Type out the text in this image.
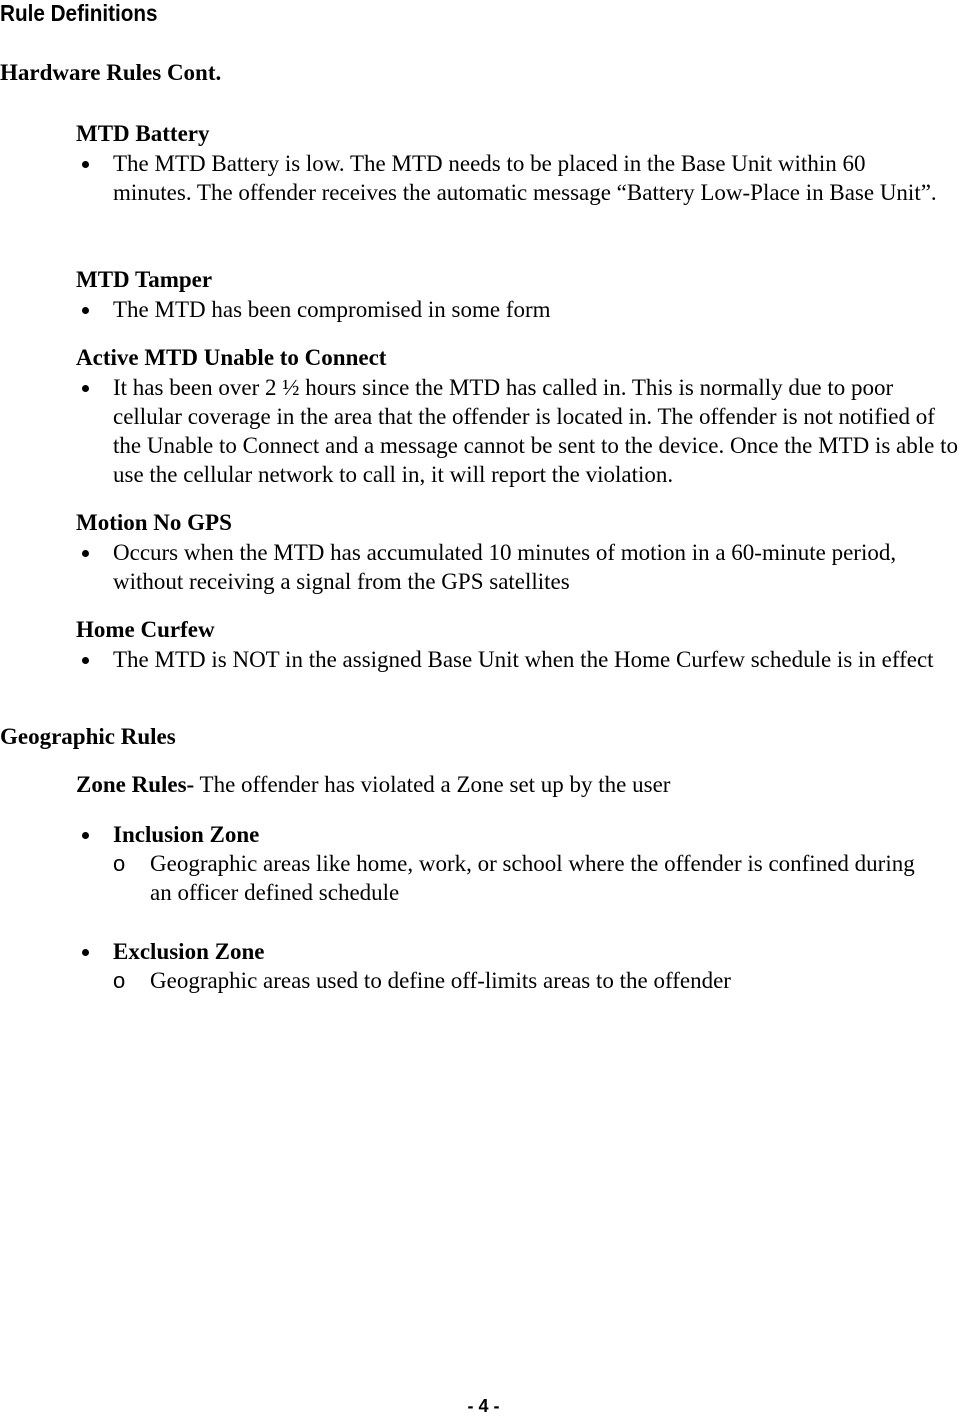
Rule Definitions
Hardware Rules Cont.
MTD Battery
The MTD Battery is low. The MTD needs to be placed in the Base Unit within 60 minutes. The offender receives the automatic message “Battery Low-Place in Base Unit”.
MTD Tamper
The MTD has been compromised in some form
Active MTD Unable to Connect
It has been over 2 ½ hours since the MTD has called in. This is normally due to poor cellular coverage in the area that the offender is located in. The offender is not notified of the Unable to Connect and a message cannot be sent to the device. Once the MTD is able to use the cellular network to call in, it will report the violation.
Motion No GPS
Occurs when the MTD has accumulated 10 minutes of motion in a 60-minute period, without receiving a signal from the GPS satellites
Home Curfew
The MTD is NOT in the assigned Base Unit when the Home Curfew schedule is in effect
Geographic Rules
Zone Rules- The offender has violated a Zone set up by the user
Inclusion Zone
o Geographic areas like home, work, or school where the offender is confined during an officer defined schedule
Exclusion Zone
o Geographic areas used to define off-limits areas to the offender
- 4 -
